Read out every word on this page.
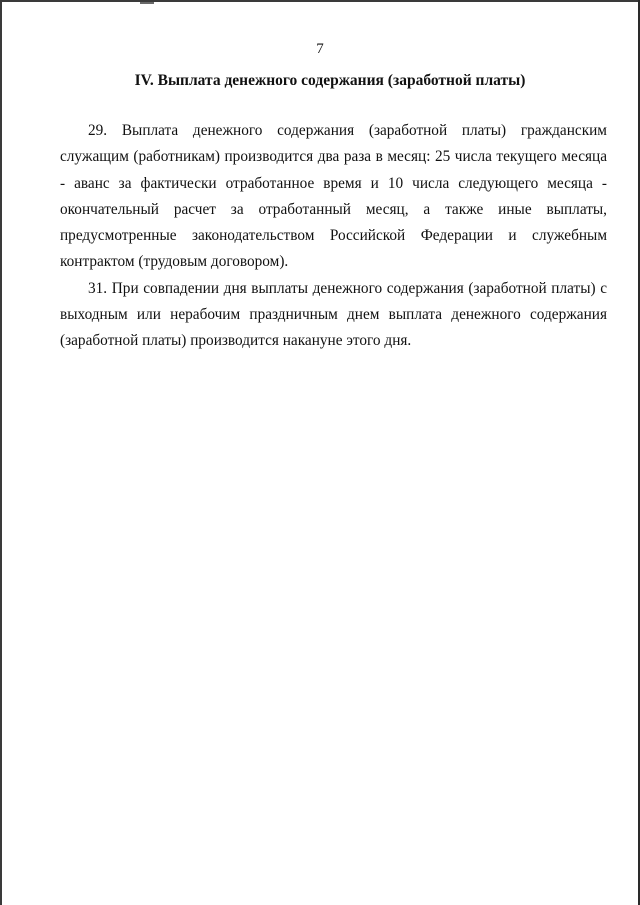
7
IV. Выплата денежного содержания (заработной платы)

29. Выплата денежного содержания (заработной платы) гражданским служащим (работникам) производится два раза в месяц: 25 числа текущего месяца - аванс за фактически отработанное время и 10 числа следующего месяца - окончательный расчет за отработанный месяц, а также иные выплаты, предусмотренные законодательством Российской Федерации и служебным контрактом (трудовым договором).

31. При совпадении дня выплаты денежного содержания (заработной платы) с выходным или нерабочим праздничным днем выплата денежного содержания (заработной платы) производится накануне этого дня.
